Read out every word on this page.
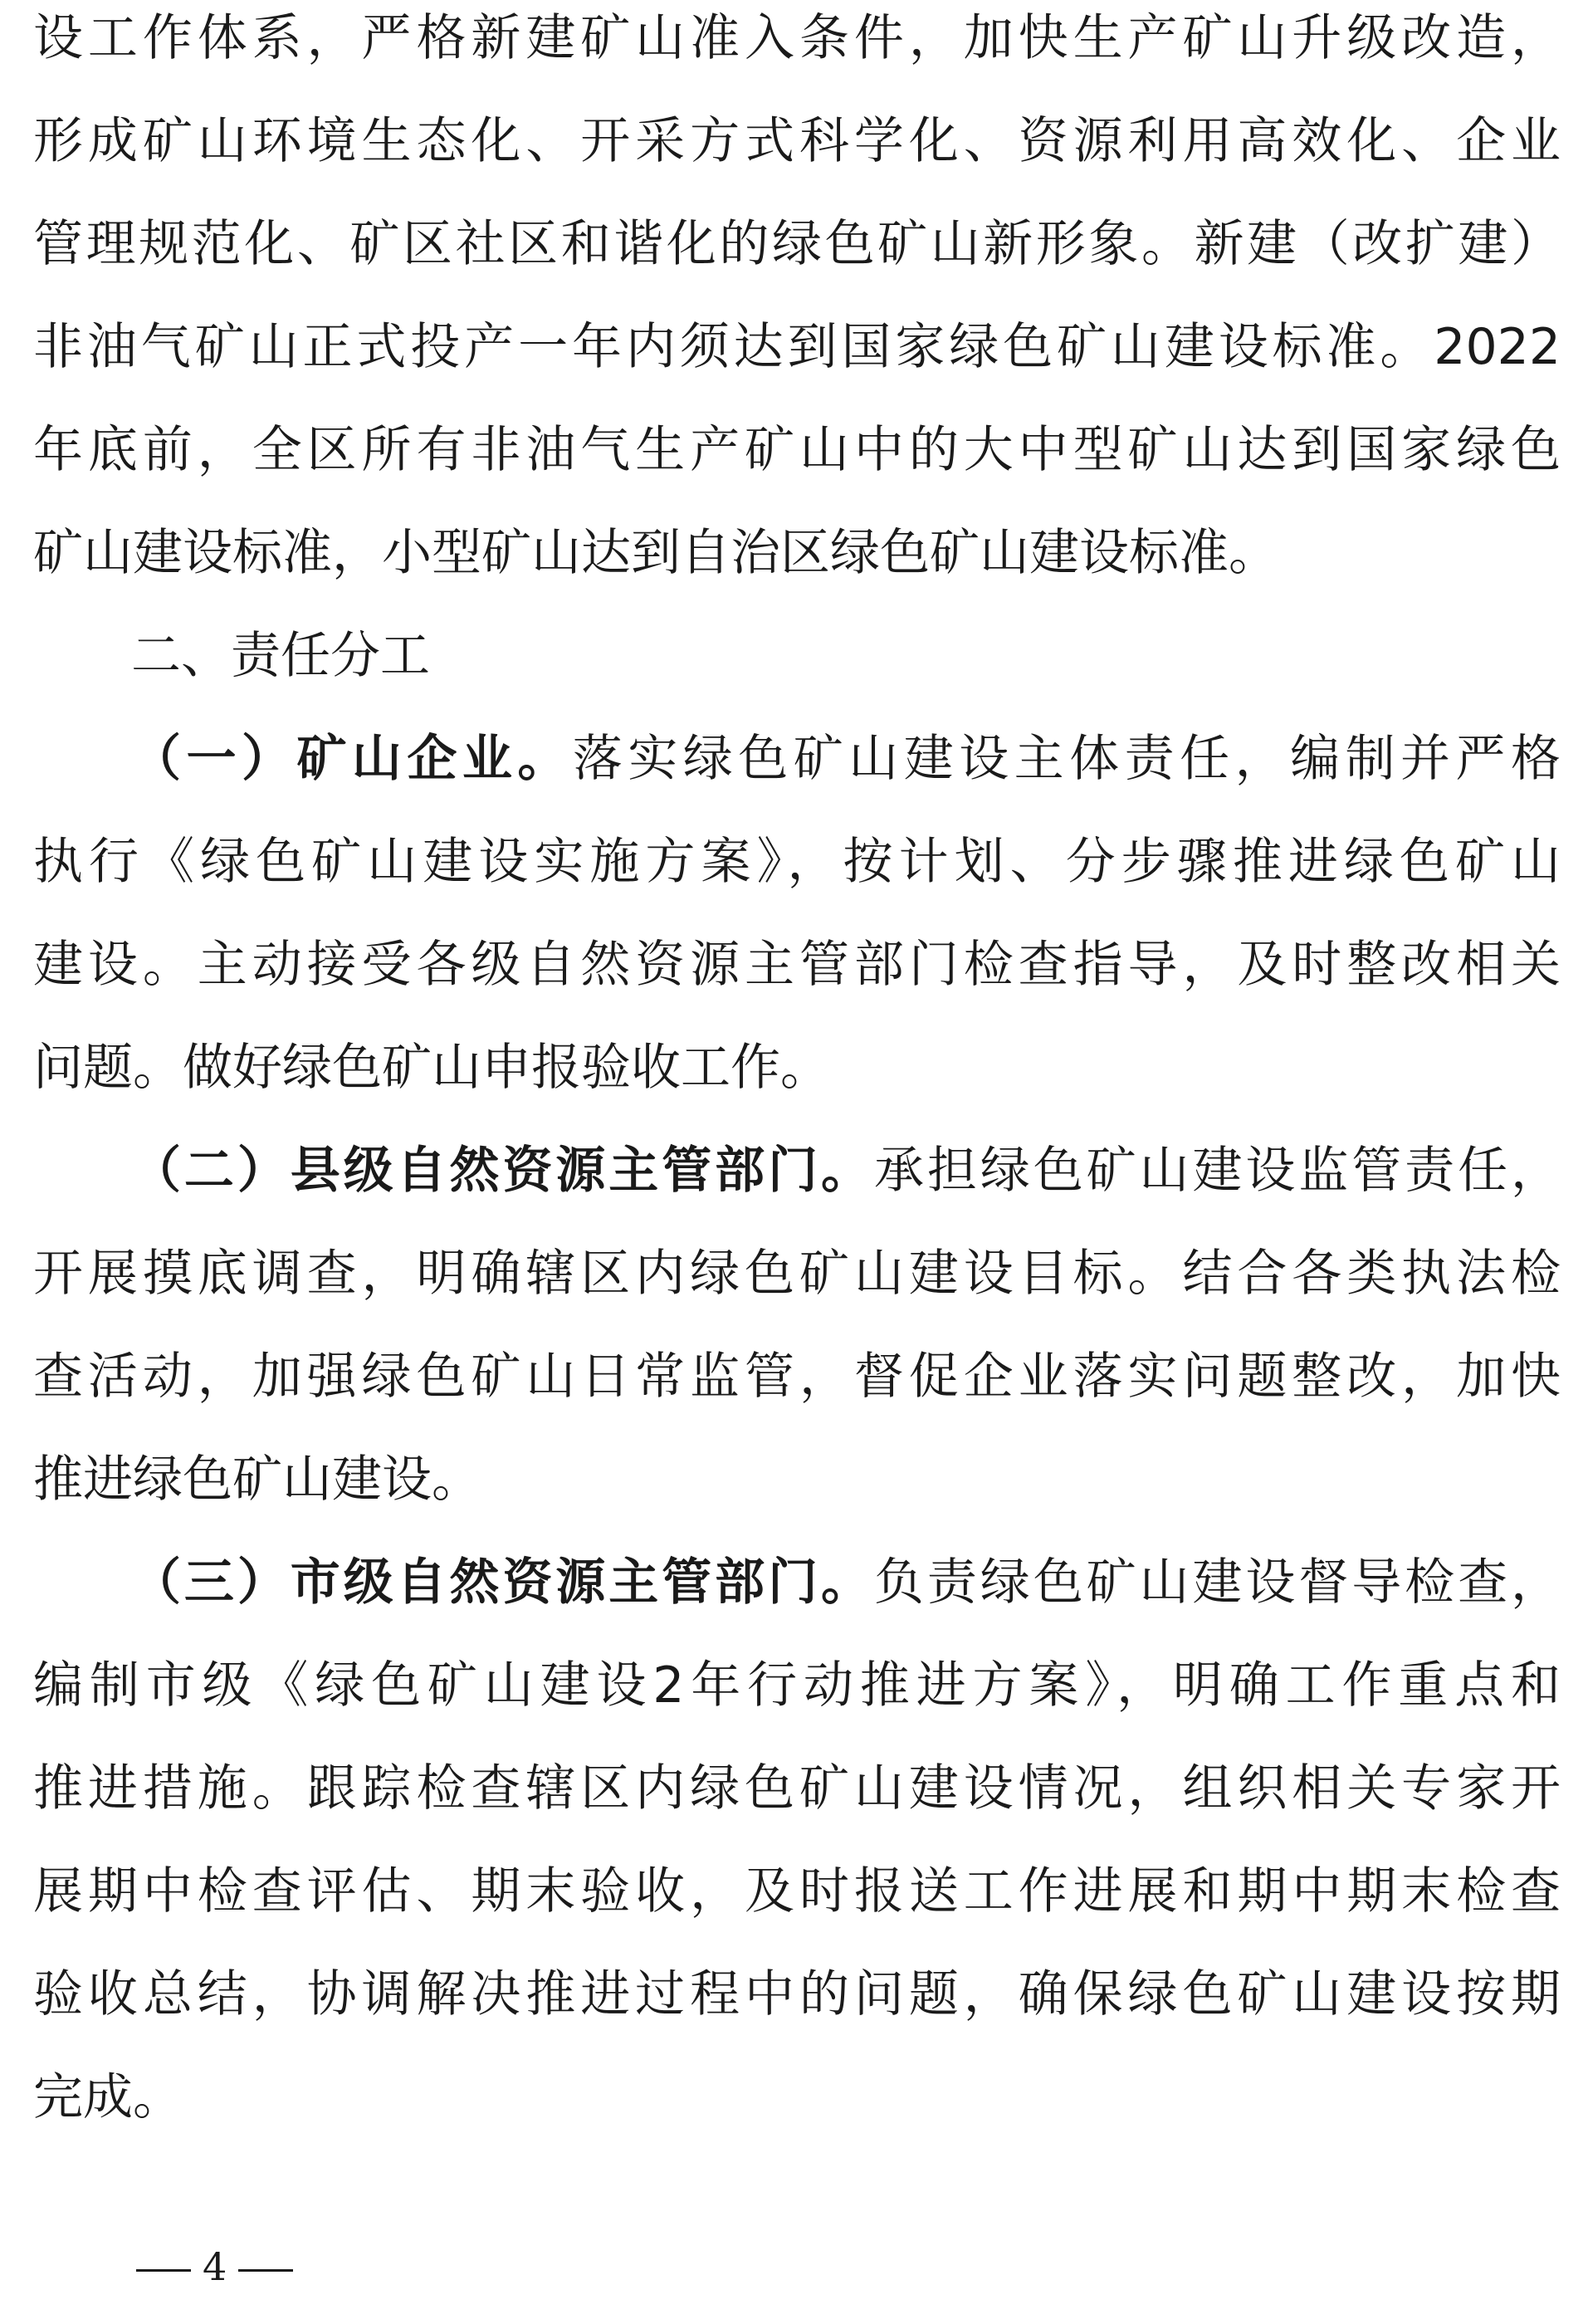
设工作体系，严格新建矿山准入条件，加快生产矿山升级改造，
形成矿山环境生态化、开采方式科学化、资源利用高效化、企业
管理规范化、矿区社区和谐化的绿色矿山新形象。新建（改扩建）
非油气矿山正式投产一年内须达到国家绿色矿山建设标准。2022
年底前，全区所有非油气生产矿山中的大中型矿山达到国家绿色
矿山建设标准，小型矿山达到自治区绿色矿山建设标准。
二、责任分工
（一）矿山企业。落实绿色矿山建设主体责任，编制并严格
执行《绿色矿山建设实施方案》，按计划、分步骤推进绿色矿山
建设。主动接受各级自然资源主管部门检查指导，及时整改相关
问题。做好绿色矿山申报验收工作。
（二）县级自然资源主管部门。承担绿色矿山建设监管责任，
开展摸底调查，明确辖区内绿色矿山建设目标。结合各类执法检
查活动，加强绿色矿山日常监管，督促企业落实问题整改，加快
推进绿色矿山建设。
（三）市级自然资源主管部门。负责绿色矿山建设督导检查，
编制市级《绿色矿山建设2年行动推进方案》，明确工作重点和
推进措施。跟踪检查辖区内绿色矿山建设情况，组织相关专家开
展期中检查评估、期末验收，及时报送工作进展和期中期末检查
验收总结，协调解决推进过程中的问题，确保绿色矿山建设按期
完成。
4
